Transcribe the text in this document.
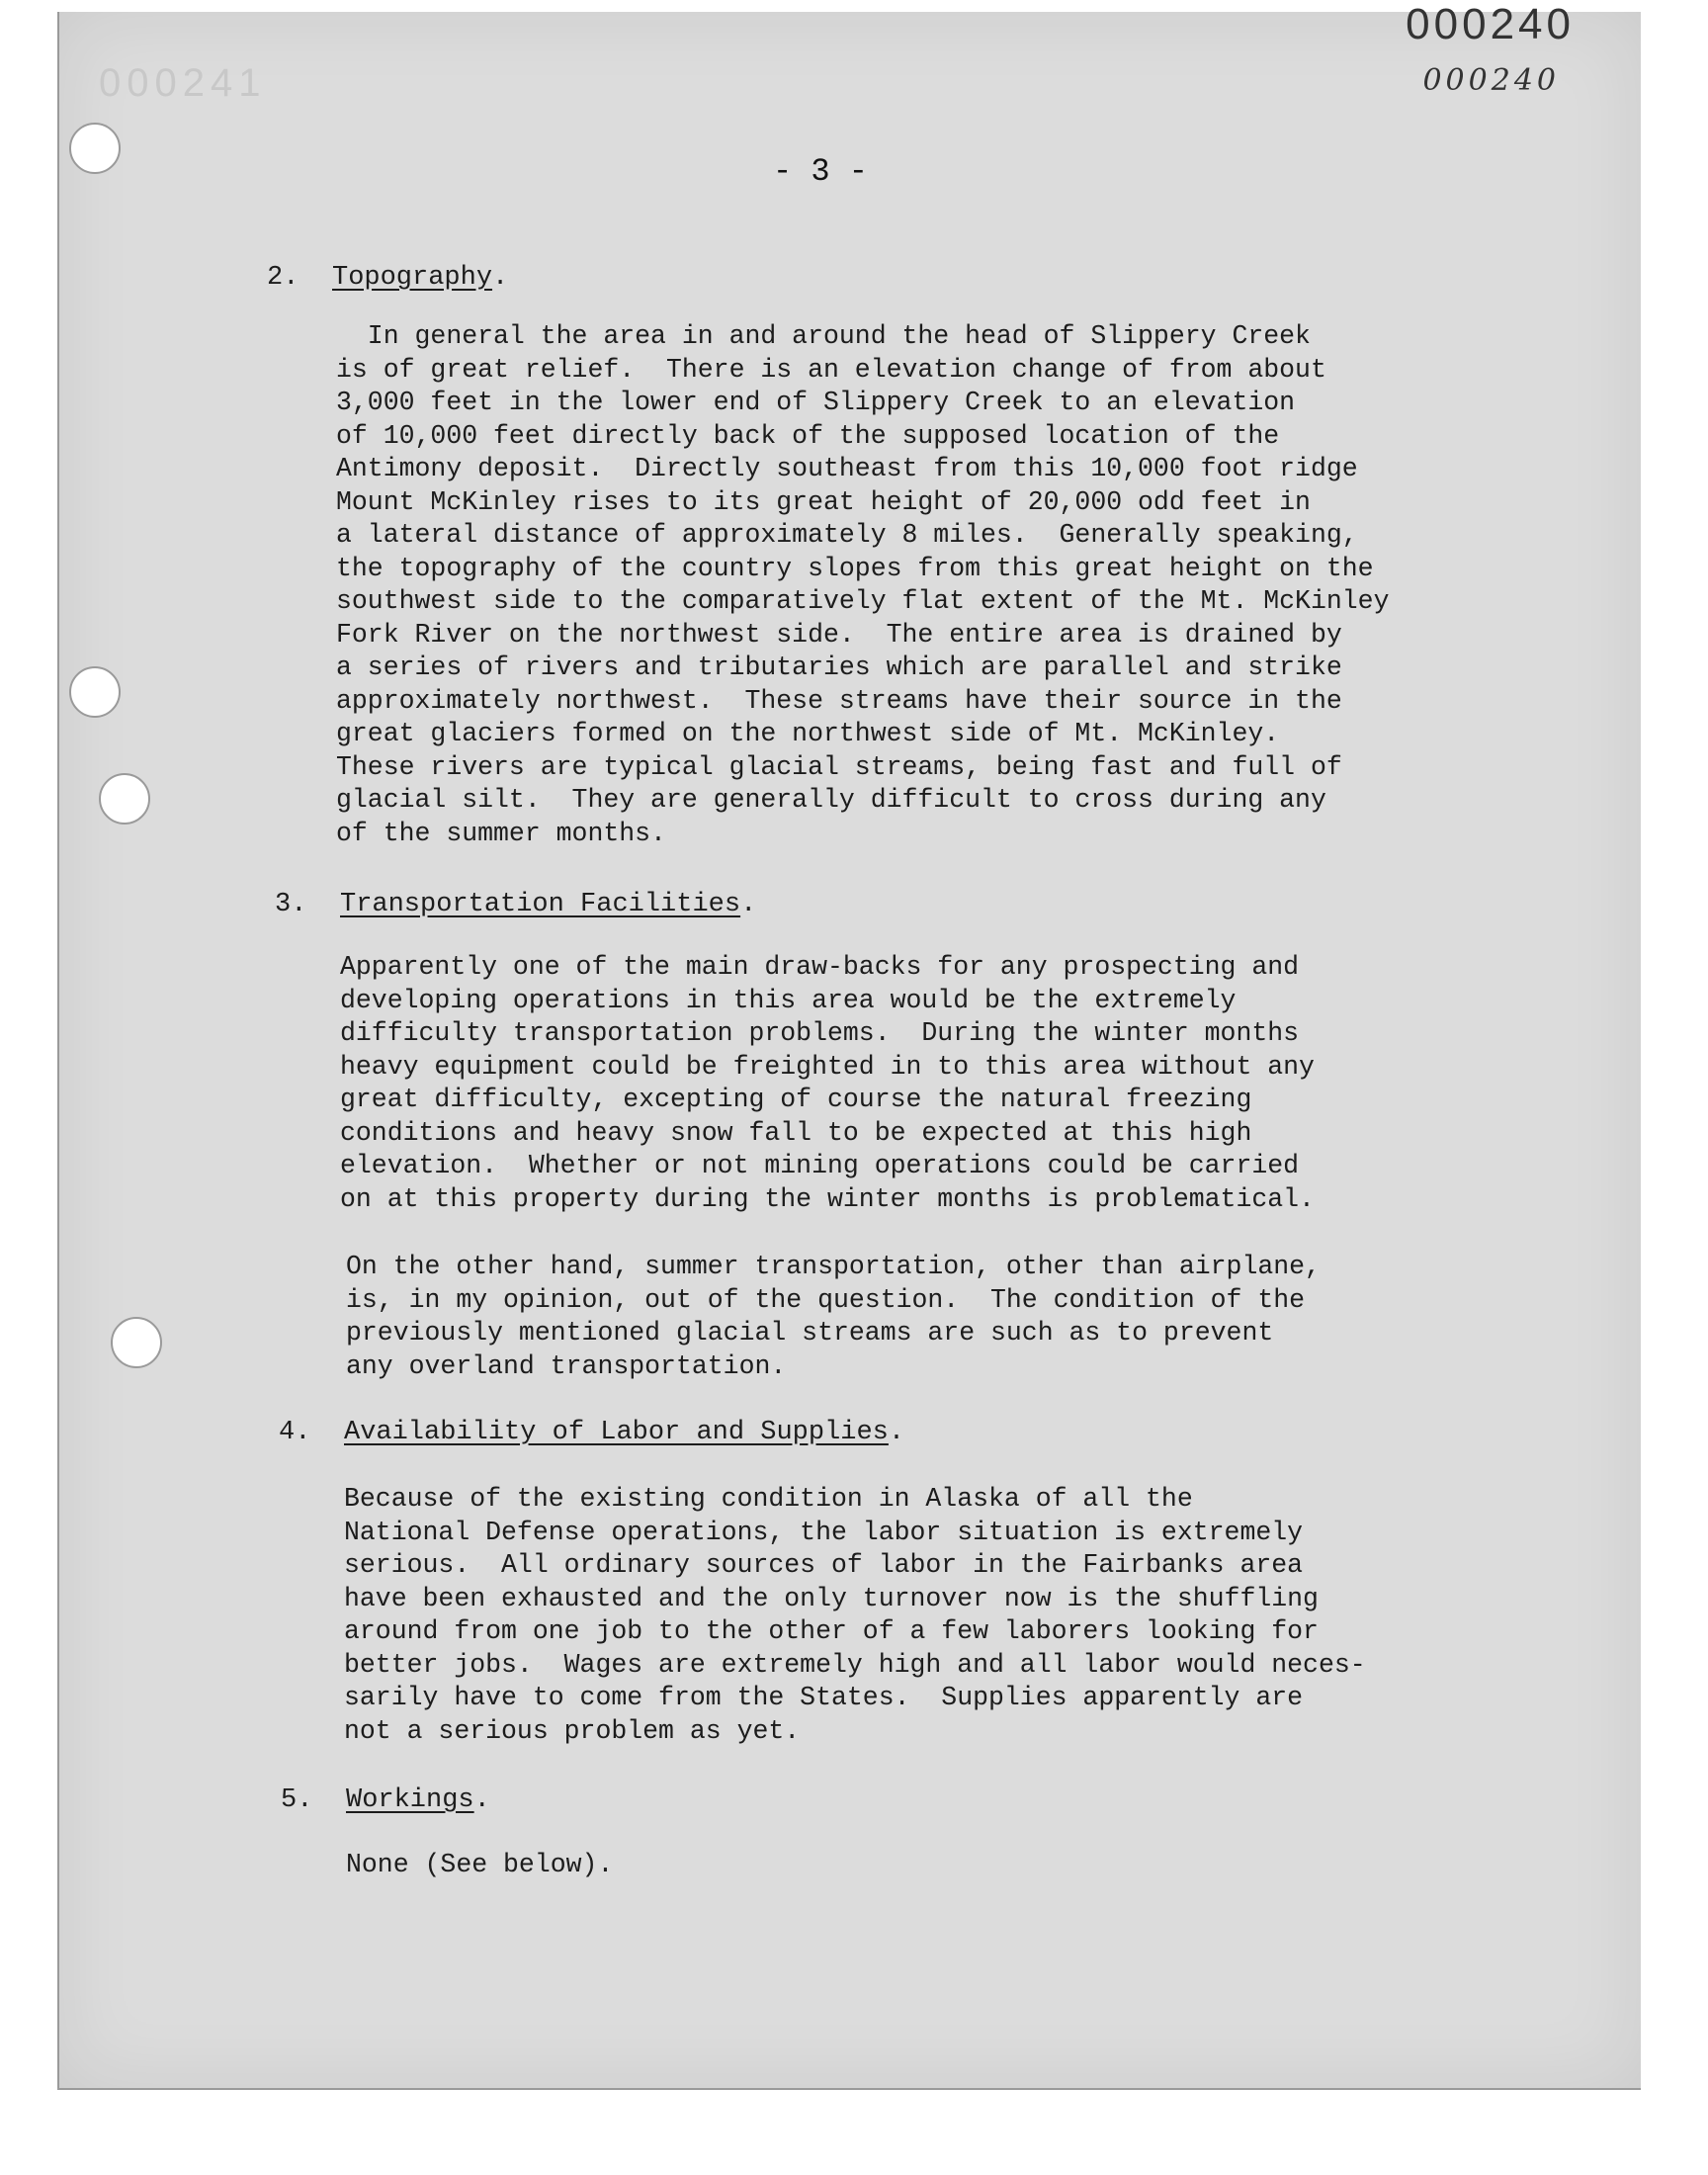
000241
000240
000240
- 3 -
2. Topography.
In general the area in and around the head of Slippery Creek
is of great relief.  There is an elevation change of from about
3,000 feet in the lower end of Slippery Creek to an elevation
of 10,000 feet directly back of the supposed location of the
Antimony deposit.  Directly southeast from this 10,000 foot ridge
Mount McKinley rises to its great height of 20,000 odd feet in
a lateral distance of approximately 8 miles.  Generally speaking,
the topography of the country slopes from this great height on the
southwest side to the comparatively flat extent of the Mt. McKinley
Fork River on the northwest side.  The entire area is drained by
a series of rivers and tributaries which are parallel and strike
approximately northwest.  These streams have their source in the
great glaciers formed on the northwest side of Mt. McKinley.
These rivers are typical glacial streams, being fast and full of
glacial silt.  They are generally difficult to cross during any
of the summer months.
3. Transportation Facilities.
Apparently one of the main draw-backs for any prospecting and
developing operations in this area would be the extremely
difficulty transportation problems.  During the winter months
heavy equipment could be freighted in to this area without any
great difficulty, excepting of course the natural freezing
conditions and heavy snow fall to be expected at this high
elevation.  Whether or not mining operations could be carried
on at this property during the winter months is problematical.
On the other hand, summer transportation, other than airplane,
is, in my opinion, out of the question.  The condition of the
previously mentioned glacial streams are such as to prevent
any overland transportation.
4. Availability of Labor and Supplies.
Because of the existing condition in Alaska of all the
National Defense operations, the labor situation is extremely
serious.  All ordinary sources of labor in the Fairbanks area
have been exhausted and the only turnover now is the shuffling
around from one job to the other of a few laborers looking for
better jobs.  Wages are extremely high and all labor would neces-
sarily have to come from the States.  Supplies apparently are
not a serious problem as yet.
5. Workings.
None (See below).
